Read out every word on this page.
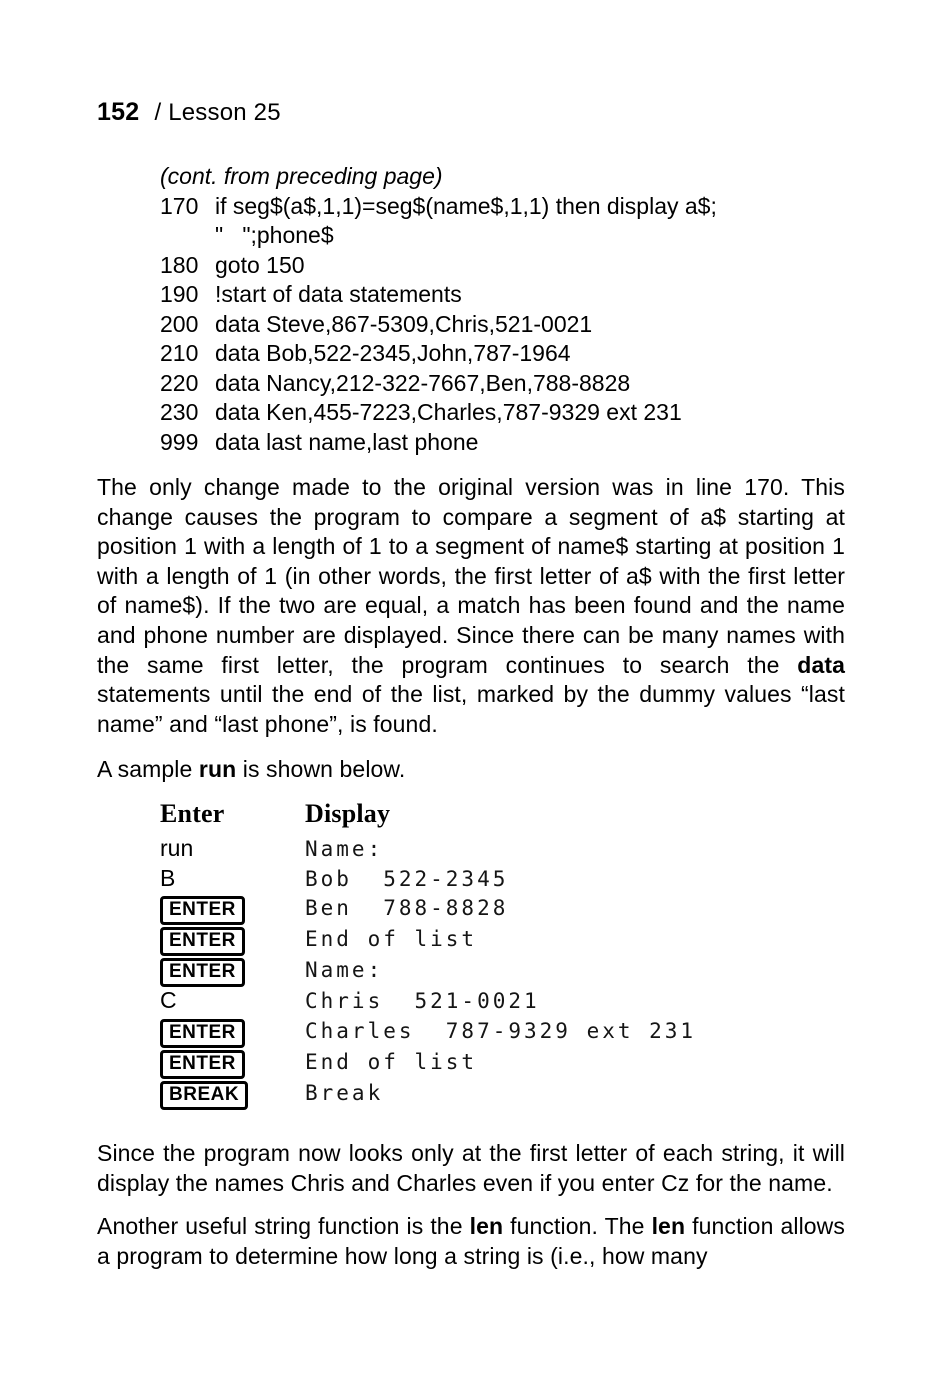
152 / Lesson 25
(cont. from preceding page)
170 if seg$(a$,1,1)=seg$(name$,1,1) then display a$;
"   ";phone$
180 goto 150
190 !start of data statements
200 data Steve,867-5309,Chris,521-0021
210 data Bob,522-2345,John,787-1964
220 data Nancy,212-322-7667,Ben,788-8828
230 data Ken,455-7223,Charles,787-9329 ext 231
999 data last name,last phone

The only change made to the original version was in line 170. This change causes the program to compare a segment of a$ starting at position 1 with a length of 1 to a segment of name$ starting at position 1 with a length of 1 (in other words, the first letter of a$ with the first letter of name$). If the two are equal, a match has been found and the name and phone number are displayed. Since there can be many names with the same first letter, the program continues to search the data statements until the end of the list, marked by the dummy values “last name” and “last phone”, is found.

A sample run is shown below.

Enter	Display
run	Name:
B	Bob  522-2345
ENTER	Ben  788-8828
ENTER	End of list
ENTER	Name:
C	Chris  521-0021
ENTER	Charles  787-9329 ext 231
ENTER	End of list
BREAK	Break

Since the program now looks only at the first letter of each string, it will display the names Chris and Charles even if you enter Cz for the name.

Another useful string function is the len function. The len function allows a program to determine how long a string is (i.e., how many
